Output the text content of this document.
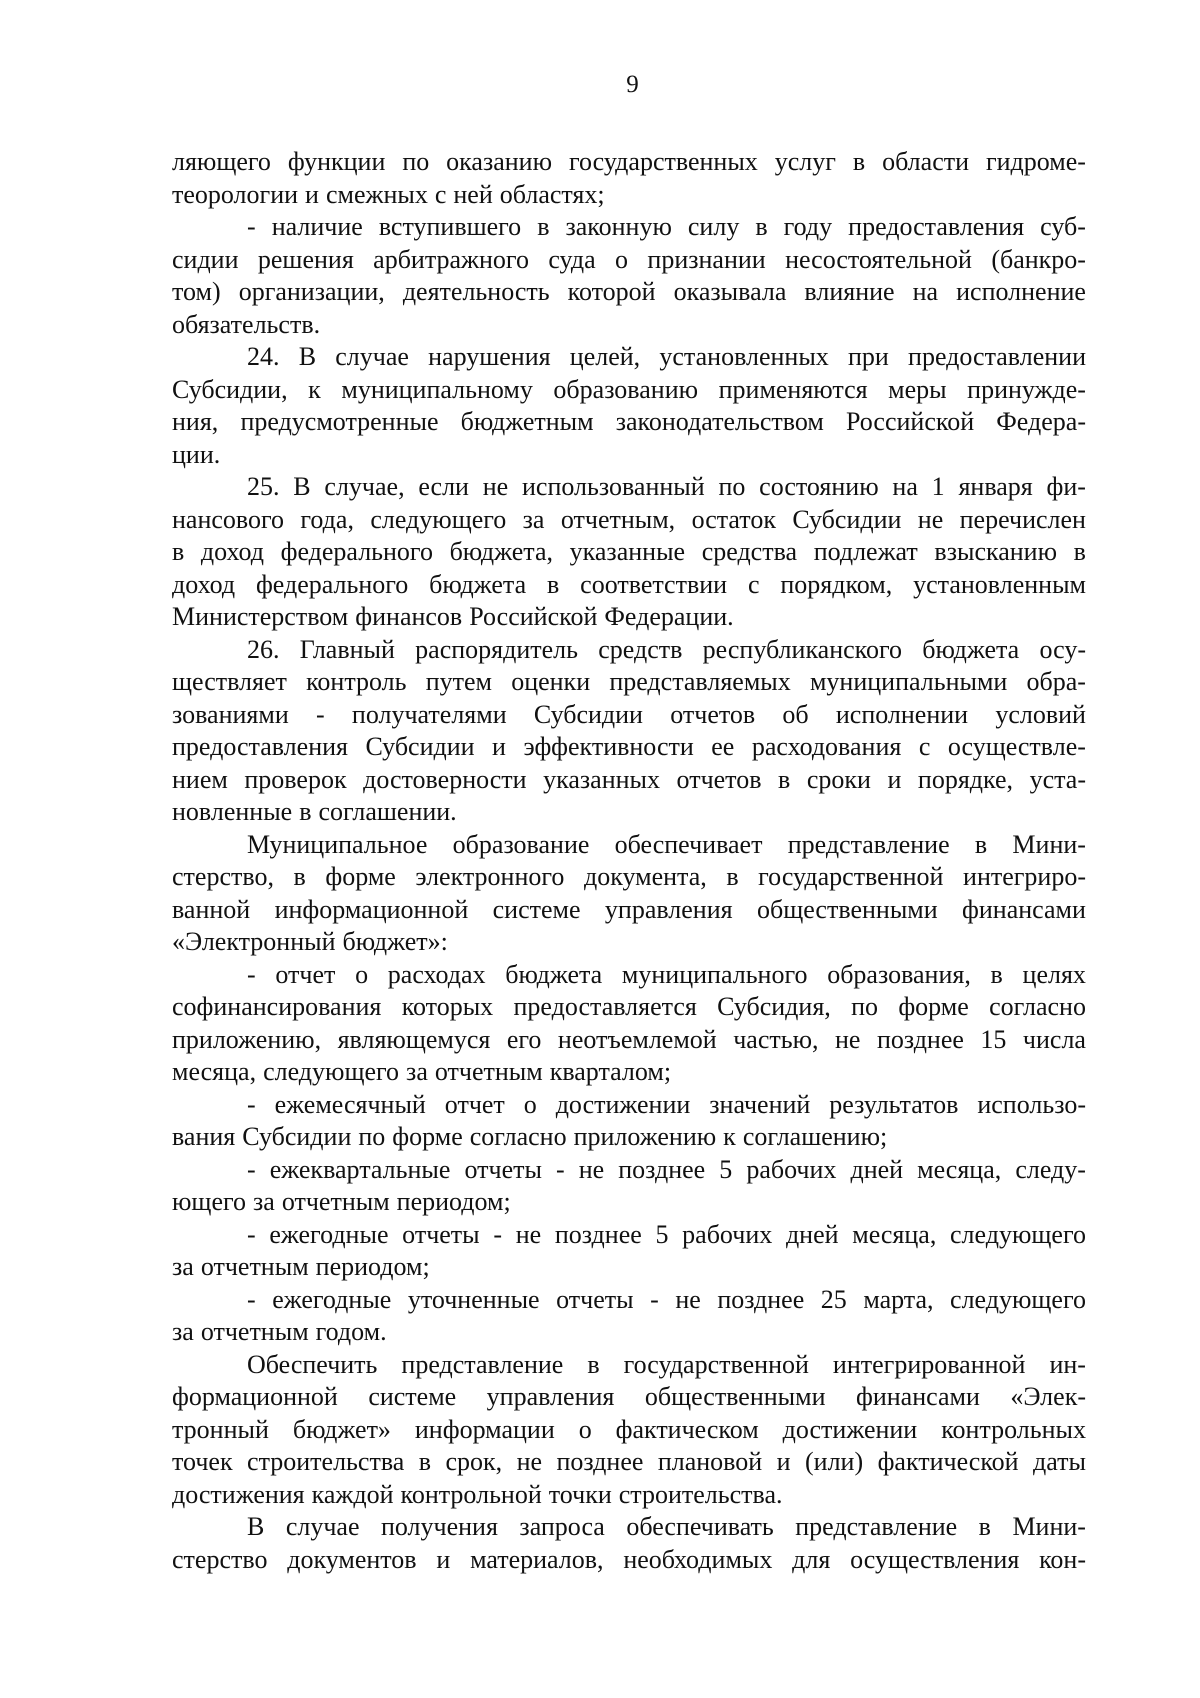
9
ляющего функции по оказанию государственных услуг в области гидроме-
теорологии и смежных с ней областях;
- наличие вступившего в законную силу в году предоставления суб-
сидии решения арбитражного суда о признании несостоятельной (банкро-
том) организации, деятельность которой оказывала влияние на исполнение
обязательств.
24. В случае нарушения целей, установленных при предоставлении
Субсидии, к муниципальному образованию применяются меры принужде-
ния, предусмотренные бюджетным законодательством Российской Федера-
ции.
25. В случае, если не использованный по состоянию на 1 января фи-
нансового года, следующего за отчетным, остаток Субсидии не перечислен
в доход федерального бюджета, указанные средства подлежат взысканию в
доход федерального бюджета в соответствии с порядком, установленным
Министерством финансов Российской Федерации.
26. Главный распорядитель средств республиканского бюджета осу-
ществляет контроль путем оценки представляемых муниципальными обра-
зованиями - получателями Субсидии отчетов об исполнении условий
предоставления Субсидии и эффективности ее расходования с осуществле-
нием проверок достоверности указанных отчетов в сроки и порядке, уста-
новленные в соглашении.
Муниципальное образование обеспечивает представление в Мини-
стерство, в форме электронного документа, в государственной интегриро-
ванной информационной системе управления общественными финансами
«Электронный бюджет»:
- отчет о расходах бюджета муниципального образования, в целях
софинансирования которых предоставляется Субсидия, по форме согласно
приложению, являющемуся его неотъемлемой частью, не позднее 15 числа
месяца, следующего за отчетным кварталом;
- ежемесячный отчет о достижении значений результатов использо-
вания Субсидии по форме согласно приложению к соглашению;
- ежеквартальные отчеты - не позднее 5 рабочих дней месяца, следу-
ющего за отчетным периодом;
- ежегодные отчеты - не позднее 5 рабочих дней месяца, следующего
за отчетным периодом;
- ежегодные уточненные отчеты - не позднее 25 марта, следующего
за отчетным годом.
Обеспечить представление в государственной интегрированной ин-
формационной системе управления общественными финансами «Элек-
тронный бюджет» информации о фактическом достижении контрольных
точек строительства в срок, не позднее плановой и (или) фактической даты
достижения каждой контрольной точки строительства.
В случае получения запроса обеспечивать представление в Мини-
стерство документов и материалов, необходимых для осуществления кон-
